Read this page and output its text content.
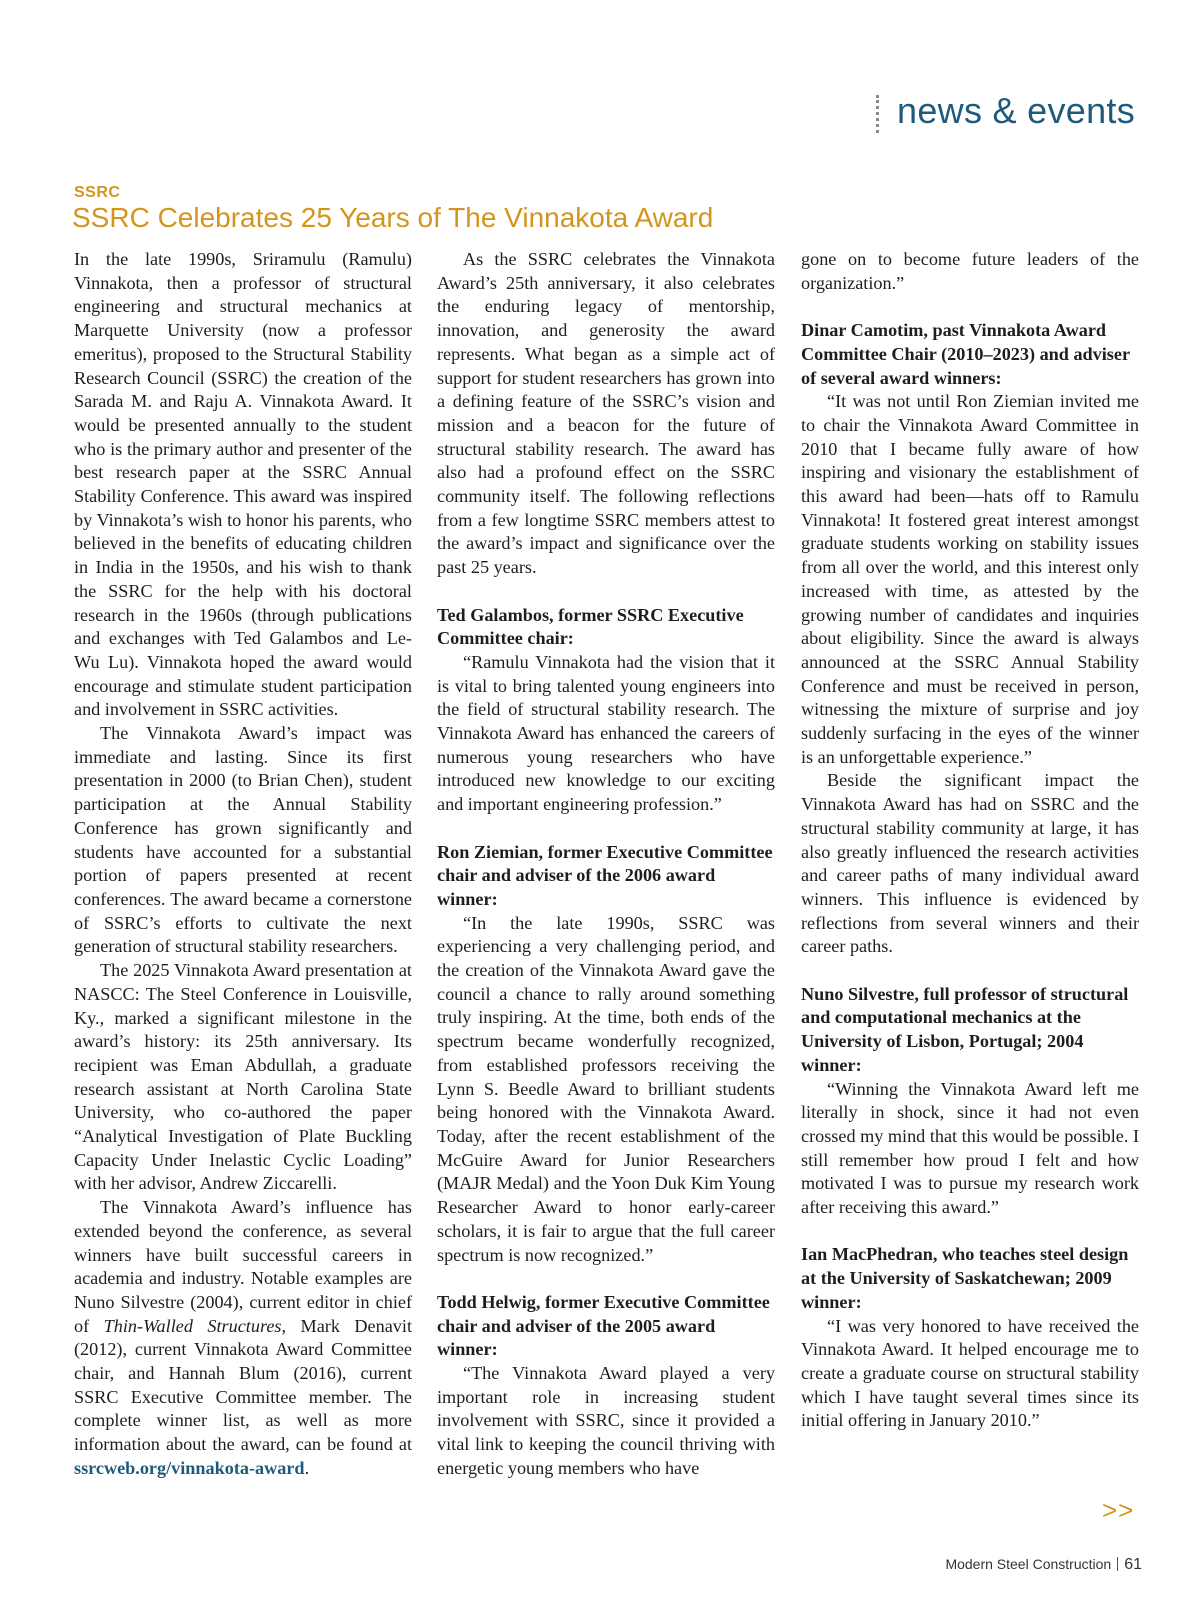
news & events
SSRC
SSRC Celebrates 25 Years of The Vinnakota Award

In the late 1990s, Sriramulu (Ramulu) Vinnakota, then a professor of structural engineering and structural mechanics at Marquette University (now a professor emeritus), proposed to the Structural Stability Research Council (SSRC) the creation of the Sarada M. and Raju A. Vinnakota Award. It would be presented annually to the student who is the primary author and presenter of the best research paper at the SSRC Annual Stability Conference. This award was inspired by Vinnakota’s wish to honor his parents, who believed in the benefits of educating children in India in the 1950s, and his wish to thank the SSRC for the help with his doctoral research in the 1960s (through publications and exchanges with Ted Galambos and Le-Wu Lu). Vinnakota hoped the award would encourage and stimulate student participation and involvement in SSRC activities.

The Vinnakota Award’s impact was immediate and lasting. Since its first presentation in 2000 (to Brian Chen), student participation at the Annual Stability Conference has grown significantly and students have accounted for a substantial portion of papers presented at recent conferences. The award became a cornerstone of SSRC’s efforts to cultivate the next generation of structural stability researchers.

The 2025 Vinnakota Award presentation at NASCC: The Steel Conference in Louisville, Ky., marked a significant milestone in the award’s history: its 25th anniversary. Its recipient was Eman Abdullah, a graduate research assistant at North Carolina State University, who co-authored the paper “Analytical Investigation of Plate Buckling Capacity Under Inelastic Cyclic Loading” with her advisor, Andrew Ziccarelli.

The Vinnakota Award’s influence has extended beyond the conference, as several winners have built successful careers in academia and industry. Notable examples are Nuno Silvestre (2004), current editor in chief of Thin-Walled Structures, Mark Denavit (2012), current Vinnakota Award Committee chair, and Hannah Blum (2016), current SSRC Executive Committee member. The complete winner list, as well as more information about the award, can be found at ssrcweb.org/vinnakota-award.

As the SSRC celebrates the Vinnakota Award’s 25th anniversary, it also celebrates the enduring legacy of mentorship, innovation, and generosity the award represents. What began as a simple act of support for student researchers has grown into a defining feature of the SSRC’s vision and mission and a beacon for the future of structural stability research. The award has also had a profound effect on the SSRC community itself. The following reflections from a few longtime SSRC members attest to the award’s impact and significance over the past 25 years.

Ted Galambos, former SSRC Executive Committee chair:

“Ramulu Vinnakota had the vision that it is vital to bring talented young engineers into the field of structural stability research. The Vinnakota Award has enhanced the careers of numerous young researchers who have introduced new knowledge to our exciting and important engineering profession.”

Ron Ziemian, former Executive Committee chair and adviser of the 2006 award winner:

“In the late 1990s, SSRC was experiencing a very challenging period, and the creation of the Vinnakota Award gave the council a chance to rally around something truly inspiring. At the time, both ends of the spectrum became wonderfully recognized, from established professors receiving the Lynn S. Beedle Award to brilliant students being honored with the Vinnakota Award. Today, after the recent establishment of the McGuire Award for Junior Researchers (MAJR Medal) and the Yoon Duk Kim Young Researcher Award to honor early-career scholars, it is fair to argue that the full career spectrum is now recognized.”

Todd Helwig, former Executive Committee chair and adviser of the 2005 award winner:

“The Vinnakota Award played a very important role in increasing student involvement with SSRC, since it provided a vital link to keeping the council thriving with energetic young members who have

gone on to become future leaders of the organization.”

Dinar Camotim, past Vinnakota Award Committee Chair (2010–2023) and adviser of several award winners:

“It was not until Ron Ziemian invited me to chair the Vinnakota Award Committee in 2010 that I became fully aware of how inspiring and visionary the establishment of this award had been—hats off to Ramulu Vinnakota! It fostered great interest amongst graduate students working on stability issues from all over the world, and this interest only increased with time, as attested by the growing number of candidates and inquiries about eligibility. Since the award is always announced at the SSRC Annual Stability Conference and must be received in person, witnessing the mixture of surprise and joy suddenly surfacing in the eyes of the winner is an unforgettable experience.”

Beside the significant impact the Vinnakota Award has had on SSRC and the structural stability community at large, it has also greatly influenced the research activities and career paths of many individual award winners. This influence is evidenced by reflections from several winners and their career paths.

Nuno Silvestre, full professor of structural and computational mechanics at the University of Lisbon, Portugal; 2004 winner:

“Winning the Vinnakota Award left me literally in shock, since it had not even crossed my mind that this would be possible. I still remember how proud I felt and how motivated I was to pursue my research work after receiving this award.”

Ian MacPhedran, who teaches steel design at the University of Saskatchewan; 2009 winner:

“I was very honored to have received the Vinnakota Award. It helped encourage me to create a graduate course on structural stability which I have taught several times since its initial offering in January 2010.”

>>
Modern Steel Construction 61
